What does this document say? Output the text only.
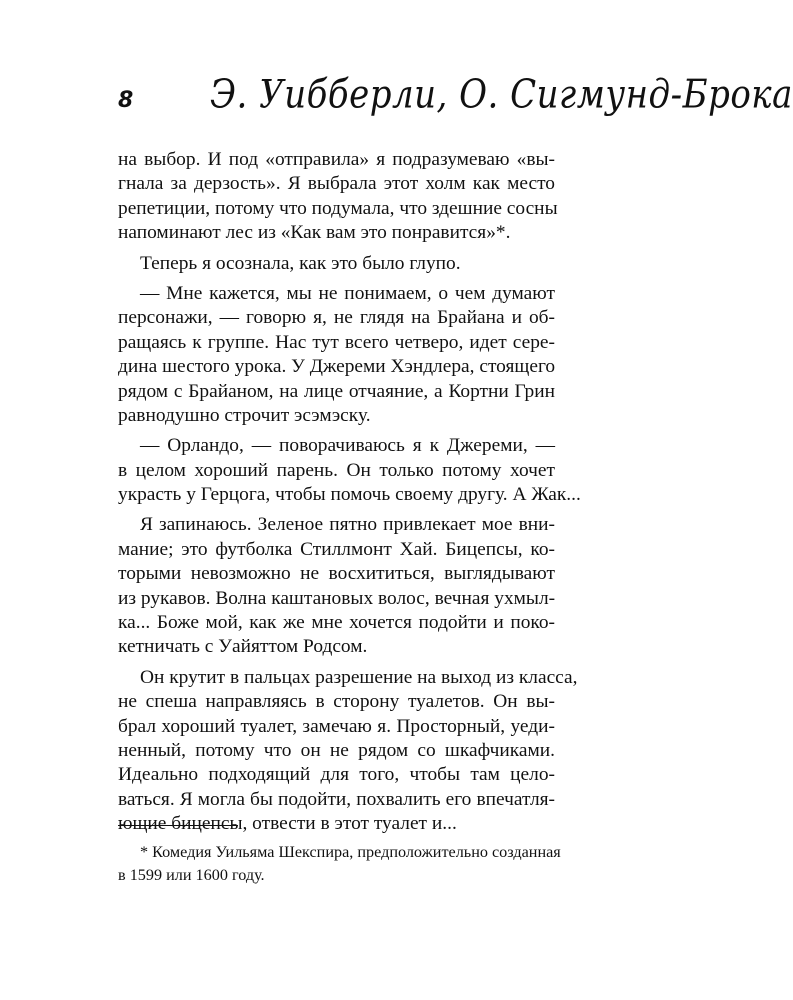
8 Э. Уибберли, О. Сигмунд-Брока
на выбор. И под «отправила» я подразумеваю «вы-
гнала за дерзость». Я выбрала этот холм как место
репетиции, потому что подумала, что здешние сосны
напоминают лес из «Как вам это понравится»*.
Теперь я осознала, как это было глупо.
— Мне кажется, мы не понимаем, о чем думают
персонажи, — говорю я, не глядя на Брайана и об-
ращаясь к группе. Нас тут всего четверо, идет сере-
дина шестого урока. У Джереми Хэндлера, стоящего
рядом с Брайаном, на лице отчаяние, а Кортни Грин
равнодушно строчит эсэмэску.
— Орландо, — поворачиваюсь я к Джереми, —
в целом хороший парень. Он только потому хочет
украсть у Герцога, чтобы помочь своему другу. А Жак...
Я запинаюсь. Зеленое пятно привлекает мое вни-
мание; это футболка Стиллмонт Хай. Бицепсы, ко-
торыми невозможно не восхититься, выглядывают
из рукавов. Волна каштановых волос, вечная ухмыл-
ка... Боже мой, как же мне хочется подойти и поко-
кетничать с Уайяттом Родсом.
Он крутит в пальцах разрешение на выход из класса,
не спеша направляясь в сторону туалетов. Он вы-
брал хороший туалет, замечаю я. Просторный, уеди-
ненный, потому что он не рядом со шкафчиками.
Идеально подходящий для того, чтобы там цело-
ваться. Я могла бы подойти, похвалить его впечатля-
ющие бицепсы, отвести в этот туалет и...
* Комедия Уильяма Шекспира, предположительно созданная
в 1599 или 1600 году.
